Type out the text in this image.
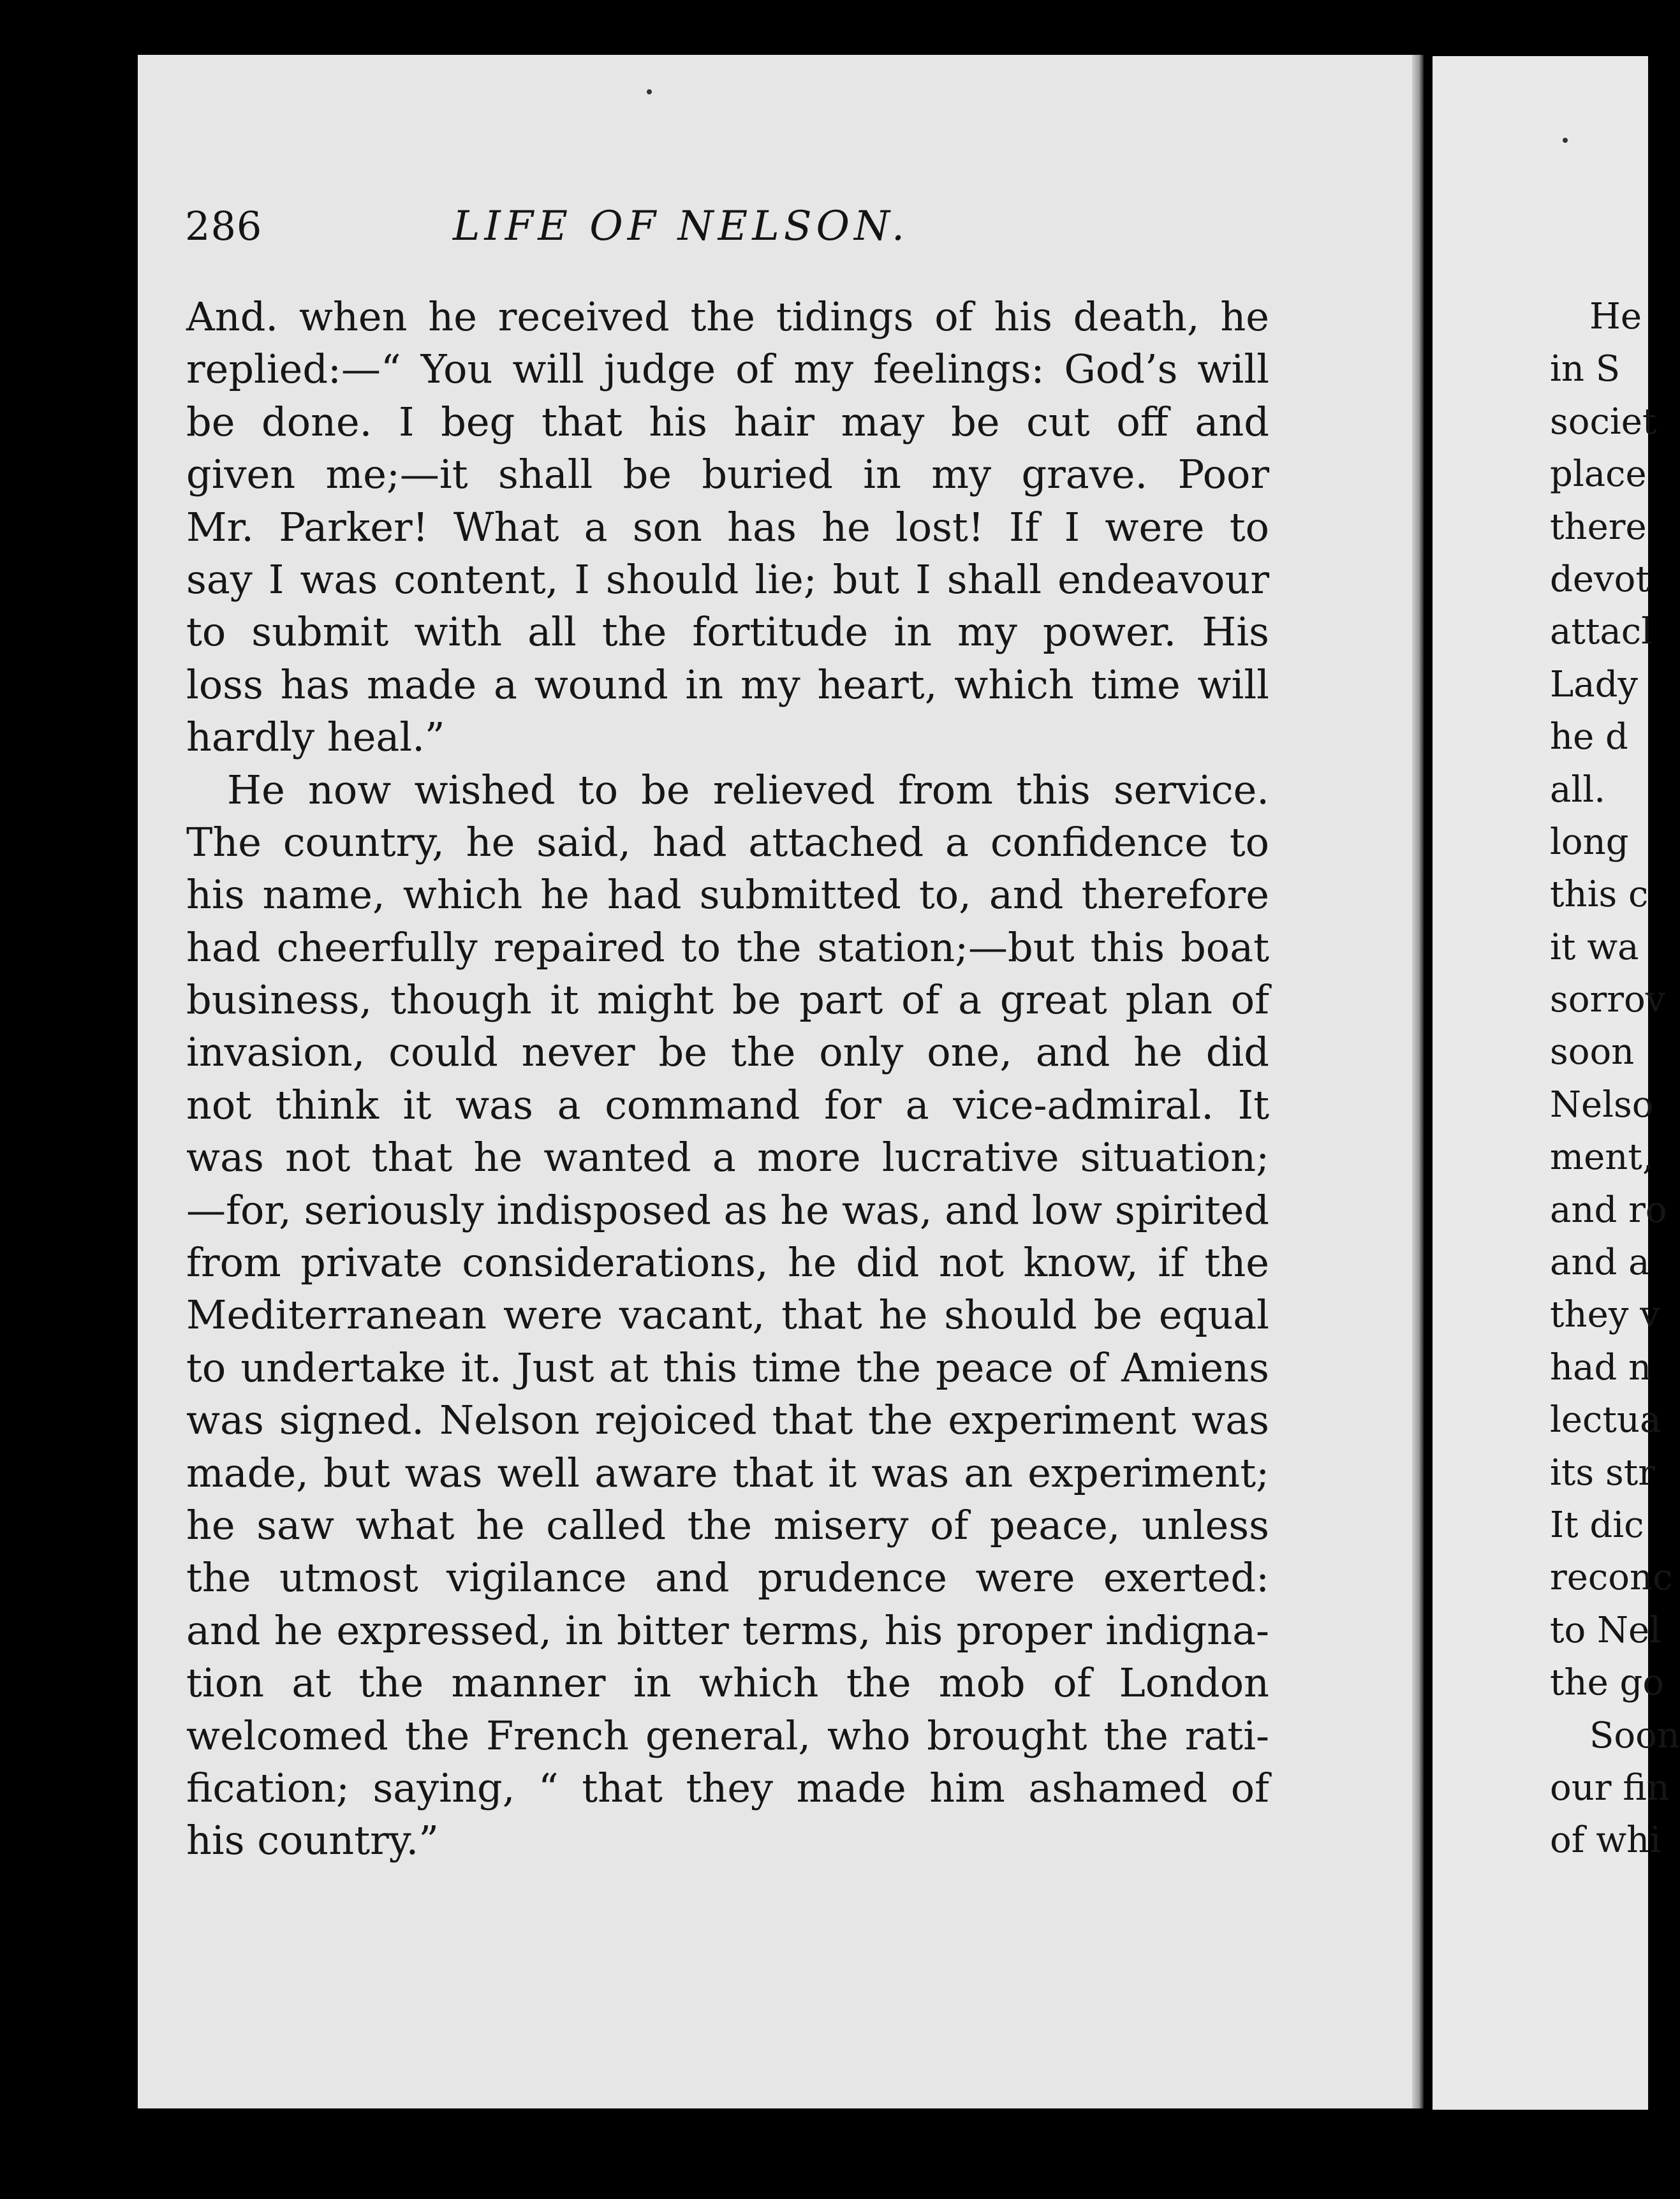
286	LIFE OF NELSON.
And. when he received the tidings of his death, he
replied:—“ You will judge of my feelings: God’s will
be done. I beg that his hair may be cut off and
given me;—it shall be buried in my grave. Poor
Mr. Parker! What a son has he lost! If I were to
say I was content, I should lie; but I shall endeavour
to submit with all the fortitude in my power. His
loss has made a wound in my heart, which time will
hardly heal.”
He now wished to be relieved from this service.
The country, he said, had attached a confidence to
his name, which he had submitted to, and therefore
had cheerfully repaired to the station;—but this boat
business, though it might be part of a great plan of
invasion, could never be the only one, and he did
not think it was a command for a vice-admiral. It
was not that he wanted a more lucrative situation;
—for, seriously indisposed as he was, and low spirited
from private considerations, he did not know, if the
Mediterranean were vacant, that he should be equal
to undertake it. Just at this time the peace of Amiens
was signed. Nelson rejoiced that the experiment was
made, but was well aware that it was an experiment;
he saw what he called the misery of peace, unless
the utmost vigilance and prudence were exerted:
and he expressed, in bitter terms, his proper indigna-
tion at the manner in which the mob of London
welcomed the French general, who brought the rati-
fication; saying, “ that they made him ashamed of
his country.”
He
in S
societ
place
there
devot
attacl
Lady
he d
all.
long
this c
it wa
sorrov
soon
Nelso
ment,
and ro
and a
they v
had n
lectua
its str
It dic
reconc
to Nel
the go
Soon
our fin
of whi
